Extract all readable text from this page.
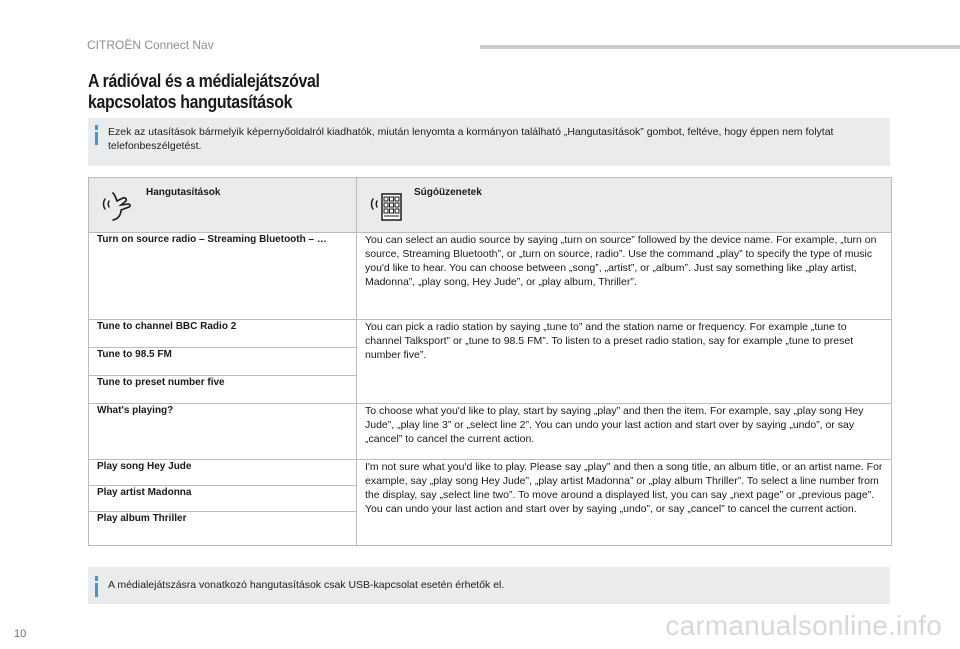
CITROËN Connect Nav
A rádióval és a médialejátszóval
kapcsolatos hangutasítások
Ezek az utasítások bármelyik képernyőoldalról kiadhatók, miután lenyomta a kormányon található „Hangutasítások” gombot, feltéve, hogy éppen nem folytat telefonbeszélgetést.
Hangutasítások	Súgóüzenetek

Turn on source radio – Streaming Bluetooth – …	You can select an audio source by saying „turn on source” followed by the device name. For example, „turn on source, Streaming Bluetooth”, or „turn on source, radio”. Use the command „play” to specify the type of music you'd like to hear. You can choose between „song”, „artist”, or „album”. Just say something like „play artist, Madonna”, „play song, Hey Jude”, or „play album, Thriller”.
Tune to channel BBC Radio 2	You can pick a radio station by saying „tune to” and the station name or frequency. For example „tune to channel Talksport” or „tune to 98.5 FM”. To listen to a preset radio station, say for example „tune to preset number five”.
Tune to 98.5 FM	
Tune to preset number five	
What's playing?	To choose what you'd like to play, start by saying „play” and then the item. For example, say „play song Hey Jude”, „play line 3” or „select line 2”. You can undo your last action and start over by saying „undo”, or say „cancel” to cancel the current action.
Play song Hey Jude	I'm not sure what you'd like to play. Please say „play” and then a song title, an album title, or an artist name. For example, say „play song Hey Jude”, „play artist Madonna” or „play album Thriller”. To select a line number from the display, say „select line two”. To move around a displayed list, you can say „next page” or „previous page”. You can undo your last action and start over by saying „undo”, or say „cancel” to cancel the current action.
Play artist Madonna	
Play album Thriller	
A médialejátszásra vonatkozó hangutasítások csak USB-kapcsolat esetén érhetők el.
10	carmanualsonline.info
